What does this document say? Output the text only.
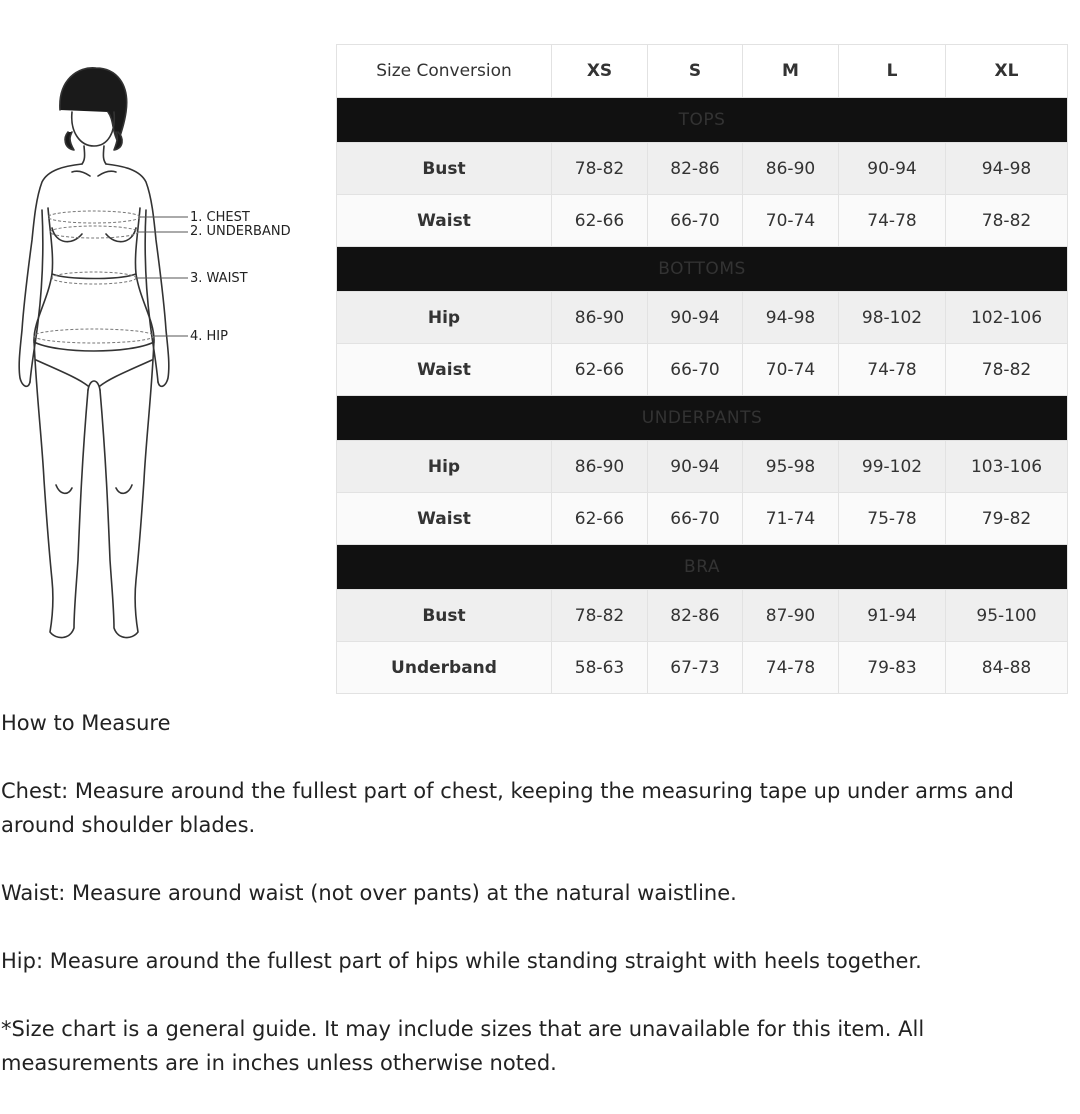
1. CHEST
2. UNDERBAND
3. WAIST
4. HIP
Size Conversion	XS	S	M	L	XL
TOPS					
Bust	78-82	82-86	86-90	90-94	94-98
Waist	62-66	66-70	70-74	74-78	78-82
BOTTOMS					
Hip	86-90	90-94	94-98	98-102	102-106
Waist	62-66	66-70	70-74	74-78	78-82
UNDERPANTS					
Hip	86-90	90-94	95-98	99-102	103-106
Waist	62-66	66-70	71-74	75-78	79-82
BRA					
Bust	78-82	82-86	87-90	91-94	95-100
Underband	58-63	67-73	74-78	79-83	84-88

How to Measure

Chest: Measure around the fullest part of chest, keeping the measuring tape up under arms and around shoulder blades.

Waist: Measure around waist (not over pants) at the natural waistline.

Hip: Measure around the fullest part of hips while standing straight with heels together.

*Size chart is a general guide. It may include sizes that are unavailable for this item. All measurements are in inches unless otherwise noted.
